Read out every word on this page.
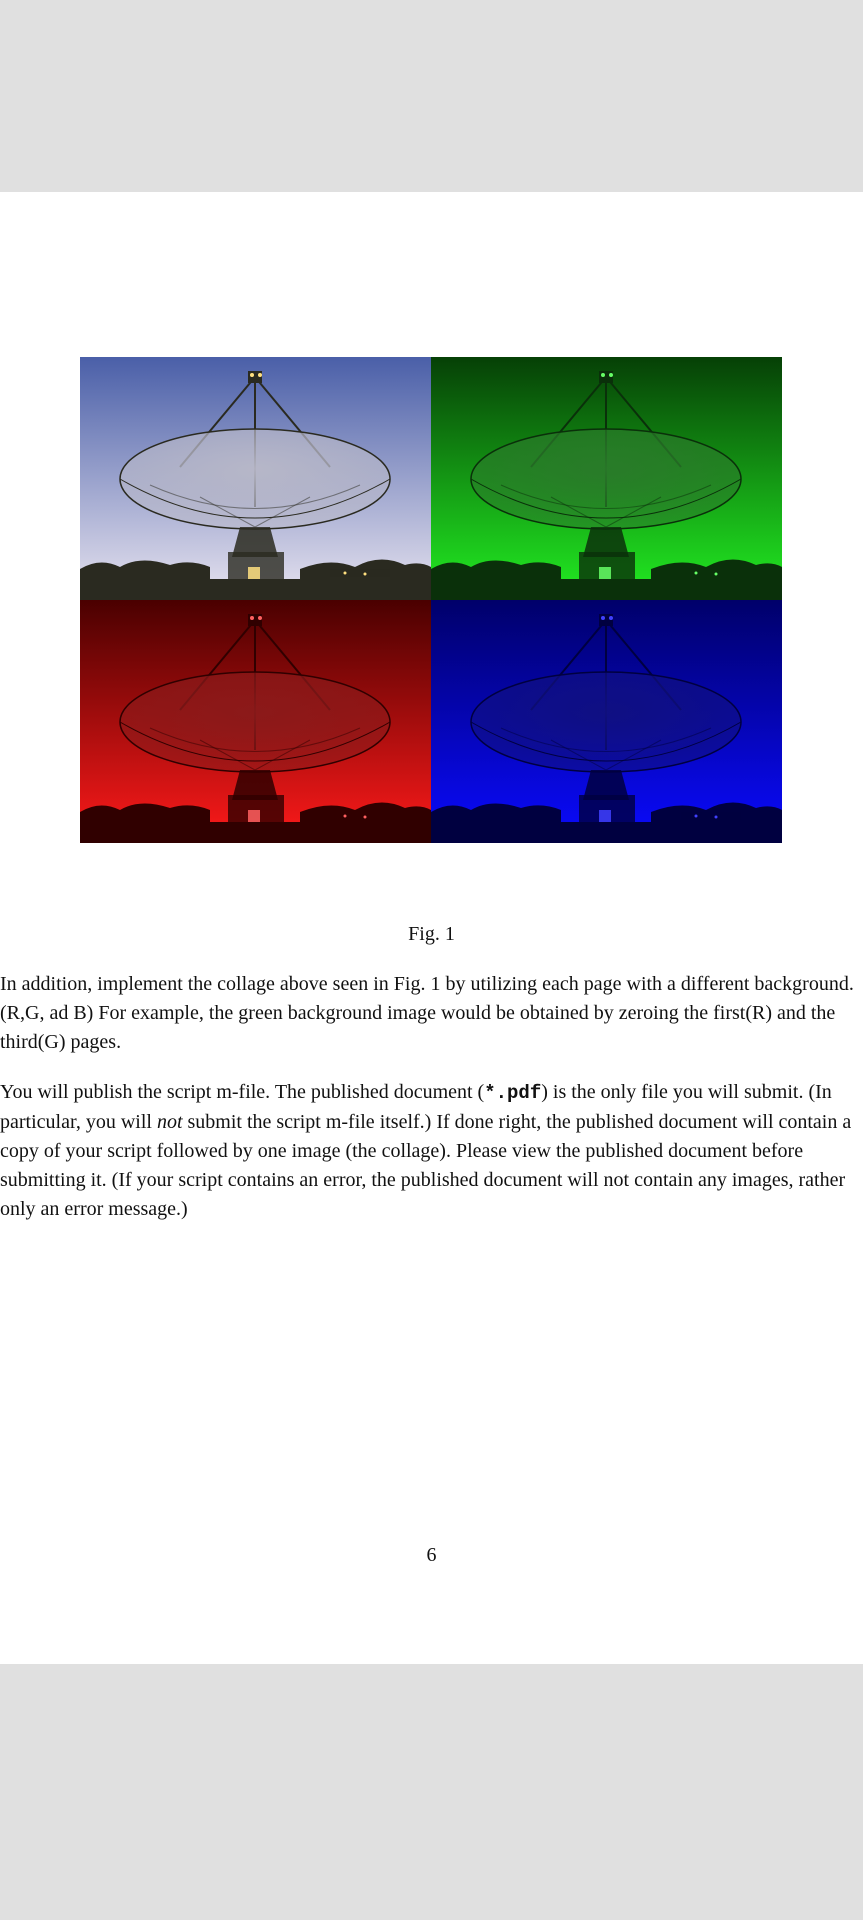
Fig. 1

In addition, implement the collage above seen in Fig. 1 by utilizing each page with a different background. (R,G, ad B) For example, the green background image would be obtained by zeroing the first(R) and the third(G) pages.

You will publish the script m-file. The published document (*.pdf) is the only file you will submit. (In particular, you will not submit the script m-file itself.) If done right, the published document will contain a copy of your script followed by one image (the collage). Please view the published document before submitting it. (If your script contains an error, the published document will not contain any images, rather only an error message.)

6
